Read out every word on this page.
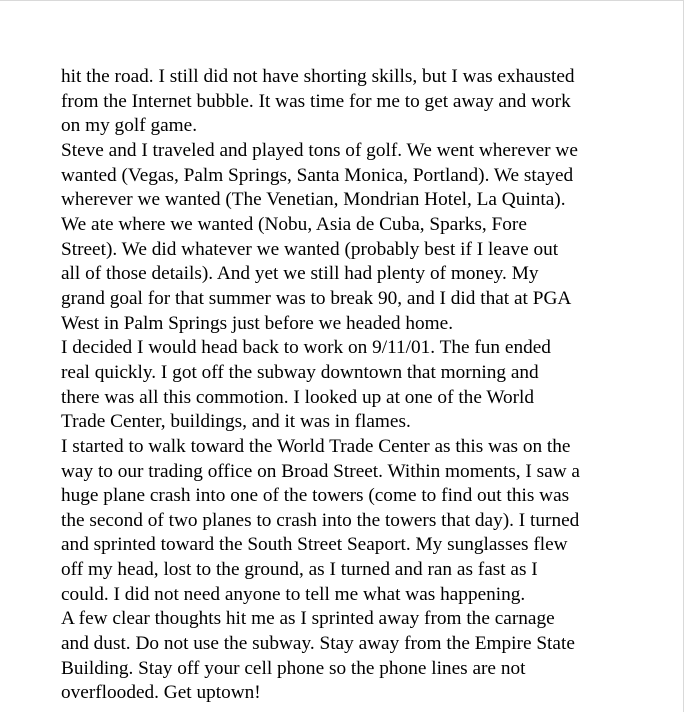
hit the road. I still did not have shorting skills, but I was exhausted
from the Internet bubble. It was time for me to get away and work
on my golf game.
Steve and I traveled and played tons of golf. We went wherever we
wanted (Vegas, Palm Springs, Santa Monica, Portland). We stayed
wherever we wanted (The Venetian, Mondrian Hotel, La Quinta).
We ate where we wanted (Nobu, Asia de Cuba, Sparks, Fore
Street). We did whatever we wanted (probably best if I leave out
all of those details). And yet we still had plenty of money. My
grand goal for that summer was to break 90, and I did that at PGA
West in Palm Springs just before we headed home.
I decided I would head back to work on 9/11/01. The fun ended
real quickly. I got off the subway downtown that morning and
there was all this commotion. I looked up at one of the World
Trade Center, buildings, and it was in flames.
I started to walk toward the World Trade Center as this was on the
way to our trading office on Broad Street. Within moments, I saw a
huge plane crash into one of the towers (come to find out this was
the second of two planes to crash into the towers that day). I turned
and sprinted toward the South Street Seaport. My sunglasses flew
off my head, lost to the ground, as I turned and ran as fast as I
could. I did not need anyone to tell me what was happening.
A few clear thoughts hit me as I sprinted away from the carnage
and dust. Do not use the subway. Stay away from the Empire State
Building. Stay off your cell phone so the phone lines are not
overflooded. Get uptown!
